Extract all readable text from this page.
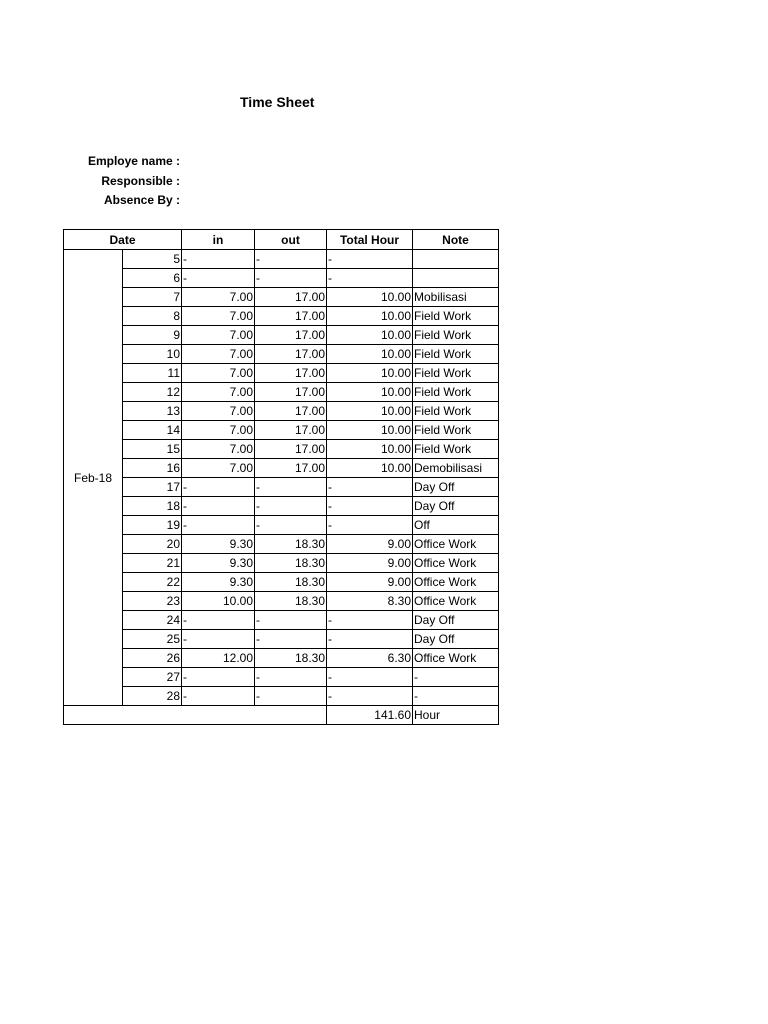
Time Sheet
Employe name :
Responsible :
Absence By :
Date		in	out	Total Hour	Note
Feb-18	5	-	-	-	
	6	-	-	-	
	7	7.00	17.00	10.00	Mobilisasi
	8	7.00	17.00	10.00	Field Work
	9	7.00	17.00	10.00	Field Work
	10	7.00	17.00	10.00	Field Work
	11	7.00	17.00	10.00	Field Work
	12	7.00	17.00	10.00	Field Work
	13	7.00	17.00	10.00	Field Work
	14	7.00	17.00	10.00	Field Work
	15	7.00	17.00	10.00	Field Work
	16	7.00	17.00	10.00	Demobilisasi
	17	-	-	-	Day Off
	18	-	-	-	Day Off
	19	-	-	-	Off
	20	9.30	18.30	9.00	Office Work
	21	9.30	18.30	9.00	Office Work
	22	9.30	18.30	9.00	Office Work
	23	10.00	18.30	8.30	Office Work
	24	-	-	-	Day Off
	25	-	-	-	Day Off
	26	12.00	18.30	6.30	Office Work
	27	-	-	-	-
	28	-	-	-	-
				141.60	Hour
